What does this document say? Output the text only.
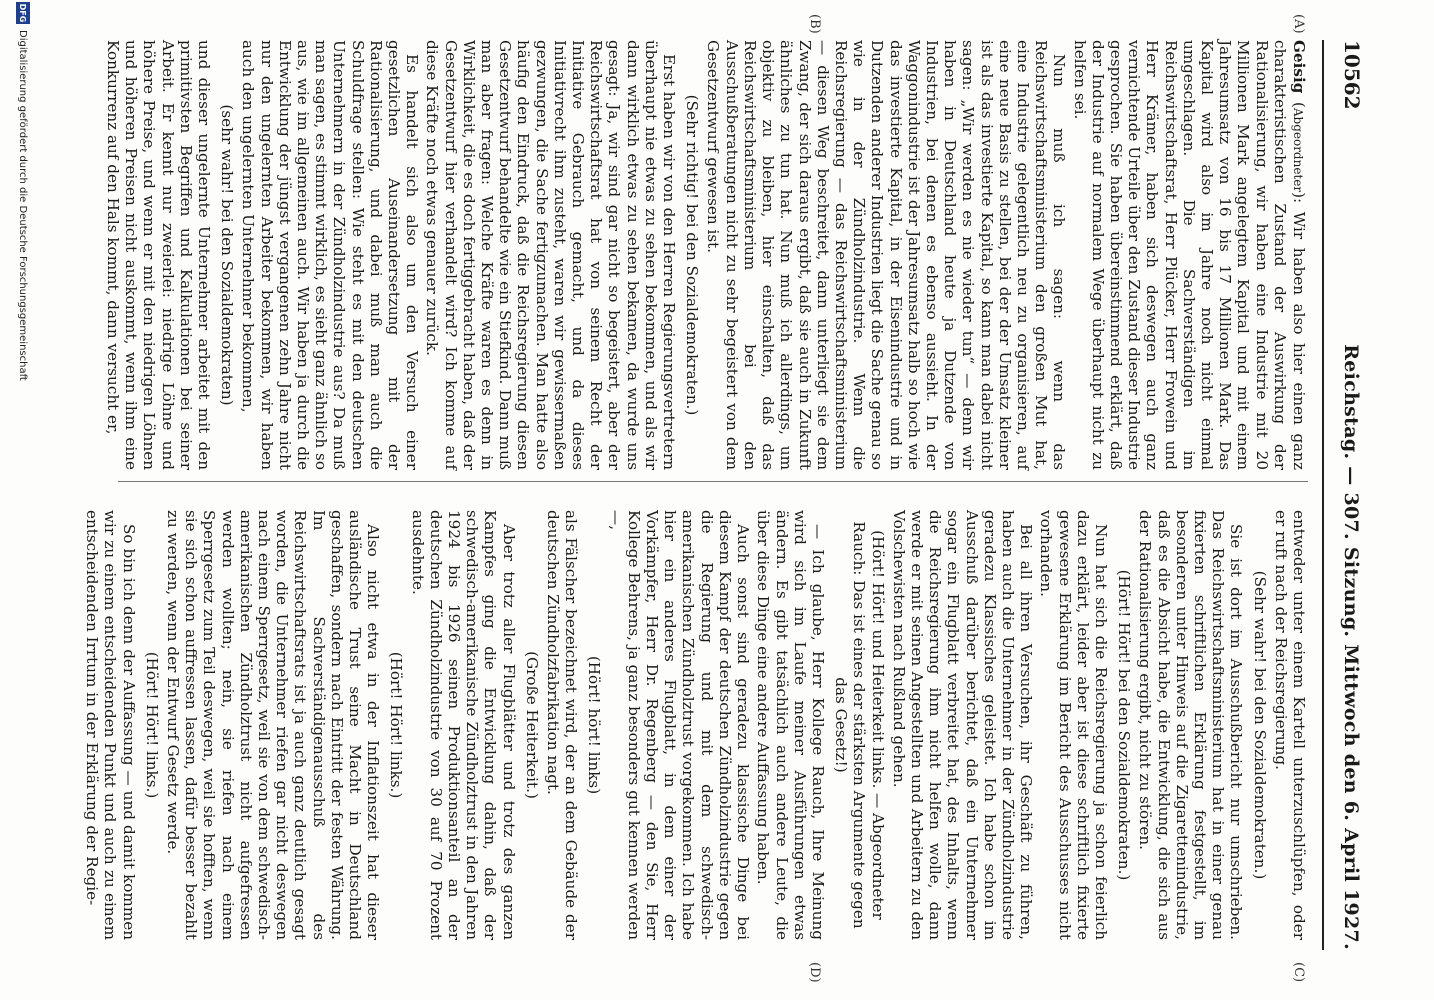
10562
Reichstag. — 307. Sitzung. Mittwoch den 6. April 1927.
(A)
(B)
(C)
(D)

Geisig (Abgeordneter): Wir haben also hier einen ganz charakteristischen Zustand der Auswirkung der Rationalisierung, wir haben eine Industrie mit 20 Millionen Mark angelegtem Kapital und mit einem Jahresumsatz von 16 bis 17 Millionen Mark. Das Kapital wird also im Jahre noch nicht einmal umgeschlagen. Die Sachverständigen im Reichswirtschaftsrat, Herr Plücker, Herr Frowein und Herr Krämer, haben sich deswegen auch ganz vernichtende Urteile über den Zustand dieser Industrie gesprochen. Sie haben übereinstimmend erklärt, daß der Industrie auf normalem Wege überhaupt nicht zu helfen sei.

Nun muß ich sagen: wenn das Reichswirtschaftsministerium den großen Mut hat, eine Industrie gelegentlich neu zu organisieren, auf eine neue Basis zu stellen, bei der der Umsatz kleiner ist als das investierte Kapital, so kann man dabei nicht sagen: „Wir werden es nie wieder tun“ — denn wir haben in Deutschland heute ja Dutzende von Industrien, bei denen es ebenso aussieht. In der Waggonindustrie ist der Jahresumsatz halb so hoch wie das investierte Kapital, in der Eisenindustrie und in Dutzenden anderer Industrien liegt die Sache genau so wie in der Zündholzindustrie. Wenn die Reichsregierung — das Reichswirtschaftsministerium — diesen Weg beschreitet, dann unterliegt sie dem Zwang, der sich daraus ergibt, daß sie auch in Zukunft ähnliches zu tun hat. Nun muß ich allerdings, um objektiv zu bleiben, hier einschalten, daß das Reichswirtschaftsministerium bei den Ausschußberatungen nicht zu sehr begeistert von dem Gesetzentwurf gewesen ist.

(Sehr richtig! bei den Sozialdemokraten.)

Erst haben wir von den Herren Regierungsvertretern überhaupt nie etwas zu sehen bekommen, und als wir dann wirklich etwas zu sehen bekamen, da wurde uns gesagt: Ja, wir sind gar nicht so begeistert, aber der Reichswirtschaftsrat hat von seinem Recht der Initiative Gebrauch gemacht, und da dieses Initiativrecht ihm zusteht, waren wir gewissermaßen gezwungen, die Sache fertigzumachen. Man hatte also häufig den Eindruck, daß die Reichsregierung diesen Gesetzentwurf behandelte wie ein Stiefkind. Dann muß man aber fragen: Welche Kräfte waren es denn in Wirklichkeit, die es doch fertiggebracht haben, daß der Gesetzentwurf hier verhandelt wird? Ich komme auf diese Kräfte noch etwas genauer zurück.

Es handelt sich also um den Versuch einer gesetzlichen Auseinandersetzung mit der Rationalisierung, und dabei muß man auch die Schuldfrage stellen: Wie steht es mit den deutschen Unternehmern in der Zündholzindustrie aus? Da muß man sagen, es stimmt wirklich, es sieht ganz ähnlich so aus, wie im allgemeinen auch. Wir haben ja durch die Entwicklung der jüngst vergangenen zehn Jahre nicht nur den ungelernten Arbeiter bekommen, wir haben auch den ungelernten Unternehmer bekommen,

(sehr wahr! bei den Sozialdemokraten)

und dieser ungelernte Unternehmer arbeitet mit den primitivsten Begriffen und Kalkulationen bei seiner Arbeit. Er kennt nur zweierlei: niedrige Löhne und höhere Preise, und wenn er mit den niedrigen Löhnen und höheren Preisen nicht auskommt, wenn ihm eine Konkurrenz auf den Hals kommt, dann versucht er,

entweder unter einem Kartell unterzuschlüpfen, oder er ruft nach der Reichsregierung.

(Sehr wahr! bei den Sozialdemokraten.)

Sie ist dort im Ausschußbericht nur umschrieben. Das Reichswirtschaftsministerium hat in einer genau fixierten schriftlichen Erklärung festgestellt, im besonderen unter Hinweis auf die Zigarettenindustrie, daß es die Absicht habe, die Entwicklung, die sich aus der Rationalisierung ergibt, nicht zu stören.

(Hört! Hört! bei den Sozialdemokraten.)

Nun hat sich die Reichsregierung ja schon feierlich dazu erklärt, leider aber ist diese schriftlich fixierte gewesene Erklärung im Bericht des Ausschusses nicht vorhanden.

Bei all ihren Versuchen, ihr Geschäft zu führen, haben auch die Unternehmer in der Zündholzindustrie geradezu Klassisches geleistet. Ich habe schon im Ausschuß darüber berichtet, daß ein Unternehmer sogar ein Flugblatt verbreitet hat, des Inhalts, wenn die Reichsregierung ihm nicht helfen wolle, dann werde er mit seinen Angestellten und Arbeitern zu den Volschewisten nach Rußland gehen.

(Hört! Hört! und Heiterkeit links. — Abgeordneter Rauch: Das ist eines der stärksten Argumente gegen das Gesetz!)

— Ich glaube, Herr Kollege Rauch, Ihre Meinung wird sich im Laufe meiner Ausführungen etwas ändern. Es gibt tatsächlich auch andere Leute, die über diese Dinge eine andere Auffassung haben.

Auch sonst sind geradezu klassische Dinge bei diesem Kampf der deutschen Zündholzindustrie gegen die Regierung und mit dem schwedisch-amerikanischen Zündholztrust vorgekommen. Ich habe hier ein anderes Flugblatt, in dem einer der Vorkämpfer, Herr Dr. Regenberg — den Sie, Herr Kollege Behrens, ja ganz besonders gut kennen werden —,

(Hört! hört! links)

als Fälscher bezeichnet wird, der an dem Gebäude der deutschen Zündholzfabrikation nagt.

(Große Heiterkeit.)

Aber trotz aller Flugblätter und trotz des ganzen Kampfes ging die Entwicklung dahin, daß der schwedisch-amerikanische Zündholztrust in den Jahren 1924 bis 1926 seinen Produktionsanteil an der deutschen Zündholzindustrie von 30 auf 70 Prozent ausdehnte.

(Hört! Hört! links.)

Also nicht etwa in der Inflationszeit hat dieser ausländische Trust seine Macht in Deutschland geschaffen, sondern nach Eintritt der festen Währung. Im Sachverständigenausschuß des Reichswirtschaftsrats ist ja auch ganz deutlich gesagt worden, die Unternehmer riefen gar nicht deswegen nach einem Sperrgesetz, weil sie von dem schwedisch-amerikanischen Zündholztrust nicht aufgefressen werden wollten; nein, sie riefen nach einem Sperrgesetz zum Teil deswegen, weil sie hofften, wenn sie sich schon auffressen lassen, dafür besser bezahlt zu werden, wenn der Entwurf Gesetz werde.

(Hört! Hört! links.)

So bin ich denn der Auffassung — und damit kommen wir zu einem entscheidenden Punkt und auch zu einem entscheidenden Irrtum in der Erklärung der Regie-

DFG
Digitalisierung gefördert durch die Deutsche Forschungsgemeinschaft
